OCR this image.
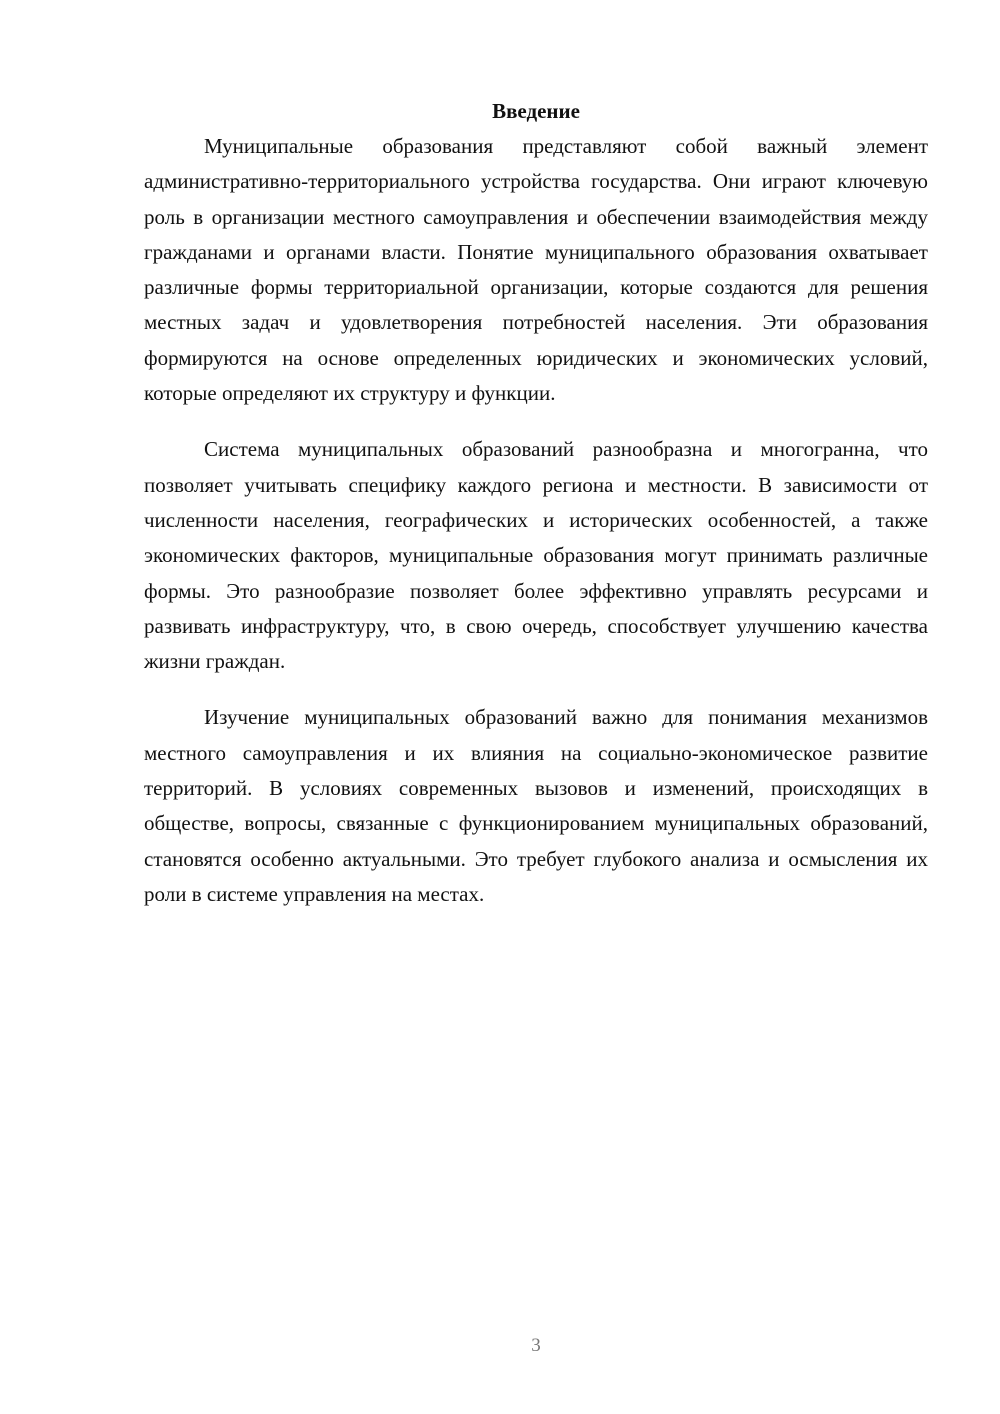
Введение

Муниципальные образования представляют собой важный элемент административно-территориального устройства государства. Они играют ключевую роль в организации местного самоуправления и обеспечении взаимодействия между гражданами и органами власти. Понятие муниципального образования охватывает различные формы территориальной организации, которые создаются для решения местных задач и удовлетворения потребностей населения. Эти образования формируются на основе определенных юридических и экономических условий, которые определяют их структуру и функции.

Система муниципальных образований разнообразна и многогранна, что позволяет учитывать специфику каждого региона и местности. В зависимости от численности населения, географических и исторических особенностей, а также экономических факторов, муниципальные образования могут принимать различные формы. Это разнообразие позволяет более эффективно управлять ресурсами и развивать инфраструктуру, что, в свою очередь, способствует улучшению качества жизни граждан.

Изучение муниципальных образований важно для понимания механизмов местного самоуправления и их влияния на социально-экономическое развитие территорий. В условиях современных вызовов и изменений, происходящих в обществе, вопросы, связанные с функционированием муниципальных образований, становятся особенно актуальными. Это требует глубокого анализа и осмысления их роли в системе управления на местах.

3
